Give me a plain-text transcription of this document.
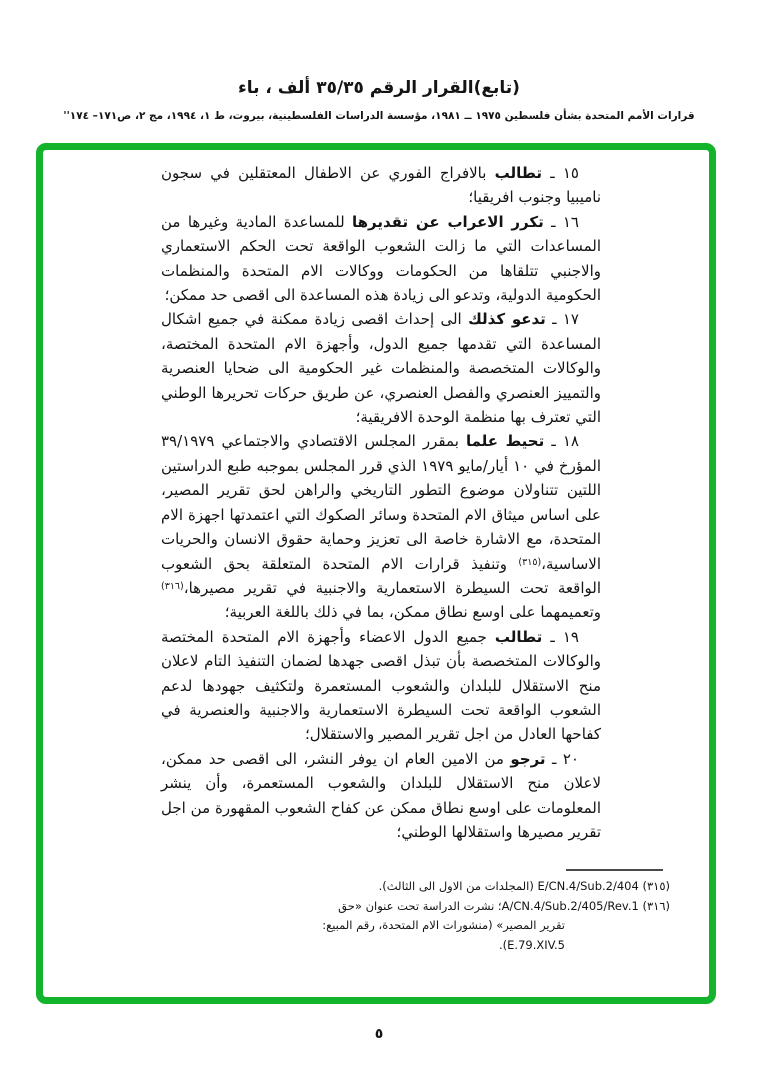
(تابع)القرار الرقم ٣٥/٣٥ ألف ، باء
قرارات الأمم المتحدة بشأن فلسطين ١٩٧٥ ــ ١٩٨١، مؤسسة الدراسات الفلسطينية، بيروت، ط ١، ١٩٩٤، مج ٢، ص١٧١– ١٧٤''

١٥ ـ تطالب بالافراج الفوري عن الاطفال المعتقلين في سجون ناميبيا وجنوب افريقيا؛

١٦ ـ تكرر الاعراب عن تقديرها للمساعدة المادية وغيرها من المساعدات التي ما زالت الشعوب الواقعة تحت الحكم الاستعماري والاجنبي تتلقاها من الحكومات ووكالات الام المتحدة والمنظمات الحكومية الدولية، وتدعو الى زيادة هذه المساعدة الى اقصى حد ممكن؛

١٧ ـ تدعو كذلك الى إحداث اقصى زيادة ممكنة في جميع اشكال المساعدة التي تقدمها جميع الدول، وأجهزة الام المتحدة المختصة، والوكالات المتخصصة والمنظمات غير الحكومية الى ضحايا العنصرية والتمييز العنصري والفصل العنصري، عن طريق حركات تحريرها الوطني التي تعترف بها منظمة الوحدة الافريقية؛

١٨ ـ تحيط علما بمقرر المجلس الاقتصادي والاجتماعي ٣٩/١٩٧٩ المؤرخ في ١٠ أيار/مايو ١٩٧٩ الذي قرر المجلس بموجبه طبع الدراستين اللتين تتناولان موضوع التطور التاريخي والراهن لحق تقرير المصير، على اساس ميثاق الام المتحدة وسائر الصكوك التي اعتمدتها اجهزة الام المتحدة، مع الاشارة خاصة الى تعزيز وحماية حقوق الانسان والحريات الاساسية،$^{(٣١٥)}$ وتنفيذ قرارات الام المتحدة المتعلقة بحق الشعوب الواقعة تحت السيطرة الاستعمارية والاجنبية في تقرير مصيرها،$^{(٣١٦)}$ وتعميمهما على اوسع نطاق ممكن، بما في ذلك باللغة العربية؛

١٩ ـ تطالب جميع الدول الاعضاء وأجهزة الام المتحدة المختصة والوكالات المتخصصة بأن تبذل اقصى جهدها لضمان التنفيذ التام لاعلان منح الاستقلال للبلدان والشعوب المستعمرة ولتكثيف جهودها لدعم الشعوب الواقعة تحت السيطرة الاستعمارية والاجنبية والعنصرية في كفاحها العادل من اجل تقرير المصير والاستقلال؛

٢٠ ـ ترجو من الامين العام ان يوفر النشر، الى اقصى حد ممكن، لاعلان منح الاستقلال للبلدان والشعوب المستعمرة، وأن ينشر المعلومات على اوسع نطاق ممكن عن كفاح الشعوب المقهورة من اجل تقرير مصيرها واستقلالها الوطني؛

(٣١٥) E/CN.4/Sub.2/404 (المجلدات من الاول الى الثالث).

(٣١٦) A/CN.4/Sub.2/405/Rev.1؛ نشرت الدراسة تحت عنوان «حق تقرير المصير» (منشورات الام المتحدة، رقم المبيع: E.79.XIV.5).

٥
